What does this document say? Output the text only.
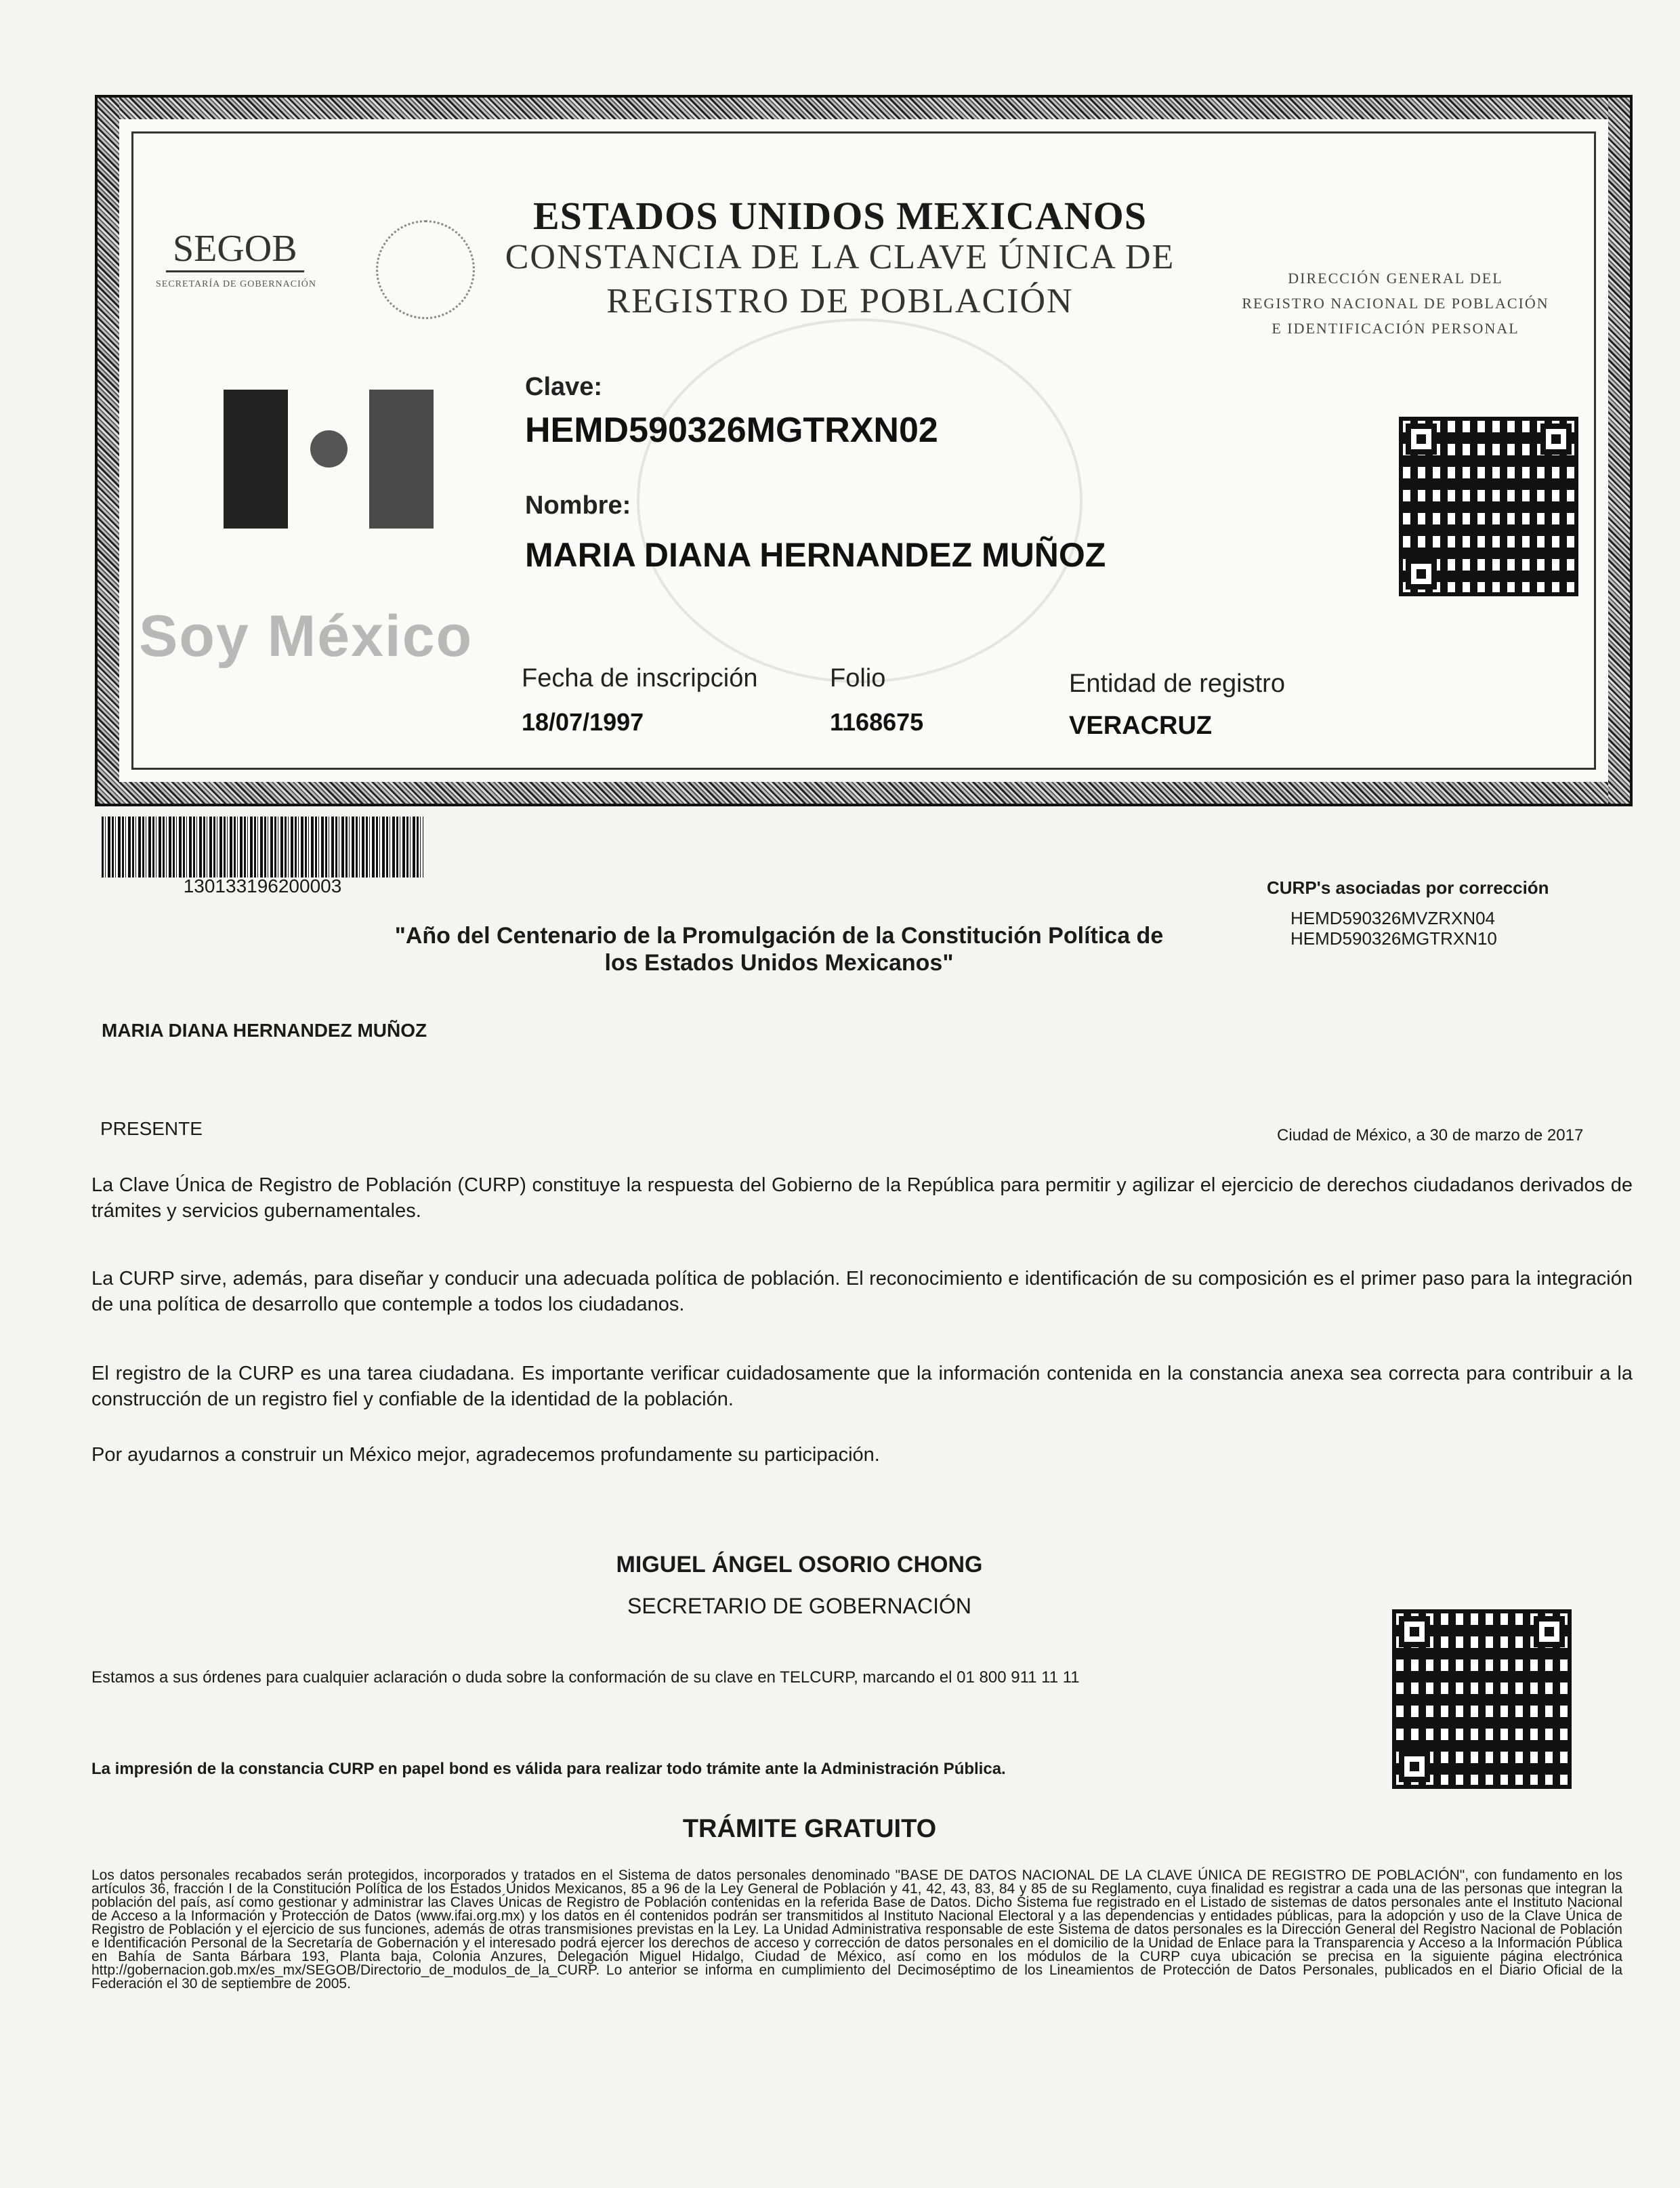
ESTADOS UNIDOS MEXICANOS
CONSTANCIA DE LA CLAVE ÚNICA DE
REGISTRO DE POBLACIÓN
SEGOB
SECRETARÍA DE GOBERNACIÓN	DIRECCIÓN GENERAL DEL
REGISTRO NACIONAL DE POBLACIÓN
E IDENTIFICACIÓN PERSONAL
Soy México
Clave:
HEMD590326MGTRXN02
Nombre:
MARIA DIANA HERNANDEZ MUÑOZ
Fecha de inscripción
18/07/1997
Folio
1168675
Entidad de registro
VERACRUZ
130133196200003	CURP's asociadas por corrección
HEMD590326MVZRXN04
HEMD590326MGTRXN10
"Año del Centenario de la Promulgación de la Constitución Política de
los Estados Unidos Mexicanos"
MARIA DIANA HERNANDEZ MUÑOZ
PRESENTE	Ciudad de México, a 30 de marzo de 2017
La Clave Única de Registro de Población (CURP) constituye la respuesta del Gobierno de la República para permitir y agilizar el ejercicio de derechos ciudadanos derivados de trámites y servicios gubernamentales.
La CURP sirve, además, para diseñar y conducir una adecuada política de población. El reconocimiento e identificación de su composición es el primer paso para la integración de una política de desarrollo que contemple a todos los ciudadanos.
El registro de la CURP es una tarea ciudadana. Es importante verificar cuidadosamente que la información contenida en la constancia anexa sea correcta para contribuir a la construcción de un registro fiel y confiable de la identidad de la población.
Por ayudarnos a construir un México mejor, agradecemos profundamente su participación.
MIGUEL ÁNGEL OSORIO CHONG
SECRETARIO DE GOBERNACIÓN
Estamos a sus órdenes para cualquier aclaración o duda sobre la conformación de su clave en TELCURP, marcando el 01 800 911 11 11
La impresión de la constancia CURP en papel bond es válida para realizar todo trámite ante la Administración Pública.
TRÁMITE GRATUITO
Los datos personales recabados serán protegidos, incorporados y tratados en el Sistema de datos personales denominado "BASE DE DATOS NACIONAL DE LA CLAVE ÚNICA DE REGISTRO DE POBLACIÓN", con fundamento en los artículos 36, fracción I de la Constitución Política de los Estados Unidos Mexicanos, 85 a 96 de la Ley General de Población y 41, 42, 43, 83, 84 y 85 de su Reglamento, cuya finalidad es registrar a cada una de las personas que integran la población del país, así como gestionar y administrar las Claves Únicas de Registro de Población contenidas en la referida Base de Datos. Dicho Sistema fue registrado en el Listado de sistemas de datos personales ante el Instituto Nacional de Acceso a la Información y Protección de Datos (www.ifai.org.mx) y los datos en él contenidos podrán ser transmitidos al Instituto Nacional Electoral y a las dependencias y entidades públicas, para la adopción y uso de la Clave Única de Registro de Población y el ejercicio de sus funciones, además de otras transmisiones previstas en la Ley. La Unidad Administrativa responsable de este Sistema de datos personales es la Dirección General del Registro Nacional de Población e Identificación Personal de la Secretaría de Gobernación y el interesado podrá ejercer los derechos de acceso y corrección de datos personales en el domicilio de la Unidad de Enlace para la Transparencia y Acceso a la Información Pública en Bahía de Santa Bárbara 193, Planta baja, Colonia Anzures, Delegación Miguel Hidalgo, Ciudad de México, así como en los módulos de la CURP cuya ubicación se precisa en la siguiente página electrónica http://gobernacion.gob.mx/es_mx/SEGOB/Directorio_de_modulos_de_la_CURP. Lo anterior se informa en cumplimiento del Decimoséptimo de los Lineamientos de Protección de Datos Personales, publicados en el Diario Oficial de la Federación el 30 de septiembre de 2005.
